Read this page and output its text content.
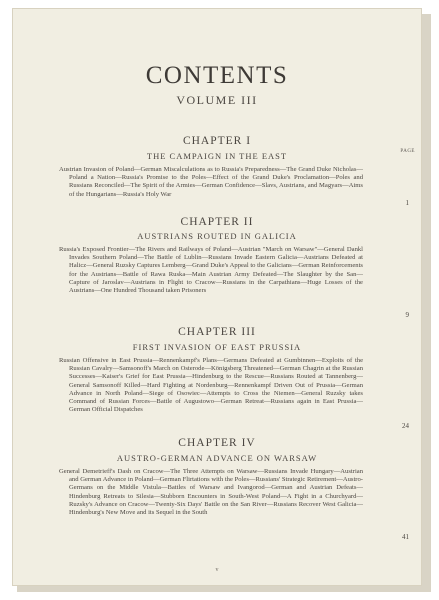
CONTENTS
VOLUME III
PAGE
CHAPTER I
THE CAMPAIGN IN THE EAST
Austrian Invasion of Poland—German Miscalculations as to Russia's Preparedness—The Grand Duke Nicholas—Poland a Nation—Russia's Promise to the Poles—Effect of the Grand Duke's Proclamation—Poles and Russians Reconciled—The Spirit of the Armies—German Confidence—Slavs, Austrians, and Magyars—Aims of the Hungarians—Russia's Holy War
1
CHAPTER II
AUSTRIANS ROUTED IN GALICIA
Russia's Exposed Frontier—The Rivers and Railways of Poland—Austrian "March on Warsaw"—General Dankl Invades Southern Poland—The Battle of Lublin—Russians Invade Eastern Galicia—Austrians Defeated at Halicz—General Ruzsky Captures Lemberg—Grand Duke's Appeal to the Galicians—German Reinforcements for the Austrians—Battle of Rawa Ruska—Main Austrian Army Defeated—The Slaughter by the San—Capture of Jaroslav—Austrians in Flight to Cracow—Russians in the Carpathians—Huge Losses of the Austrians—One Hundred Thousand taken Prisoners
9
CHAPTER III
FIRST INVASION OF EAST PRUSSIA
Russian Offensive in East Prussia—Rennenkampf's Plans—Germans Defeated at Gumbinnen—Exploits of the Russian Cavalry—Samsonoff's March on Osterode—Königsberg Threatened—German Chagrin at the Russian Successes—Kaiser's Grief for East Prussia—Hindenburg to the Rescue—Russians Routed at Tannenberg—General Samsonoff Killed—Hard Fighting at Nordenburg—Rennenkampf Driven Out of Prussia—German Advance in North Poland—Siege of Osowiec—Attempts to Cross the Niemen—General Ruzsky takes Command of Russian Forces—Battle of Augustowo—German Retreat—Russians again in East Prussia—German Official Dispatches
24
CHAPTER IV
AUSTRO-GERMAN ADVANCE ON WARSAW
General Demetrieff's Dash on Cracow—The Three Attempts on Warsaw—Russians Invade Hungary—Austrian and German Advance in Poland—German Flirtations with the Poles—Russians' Strategic Retirement—Austro-Germans on the Middle Vistula—Battles of Warsaw and Ivangorod—German and Austrian Defeats—Hindenburg Retreats to Silesia—Stubborn Encounters in South-West Poland—A Fight in a Churchyard—Ruzsky's Advance on Cracow—Twenty-Six Days' Battle on the San River—Russians Recover West Galicia—Hindenburg's New Move and its Sequel in the South
41
v
